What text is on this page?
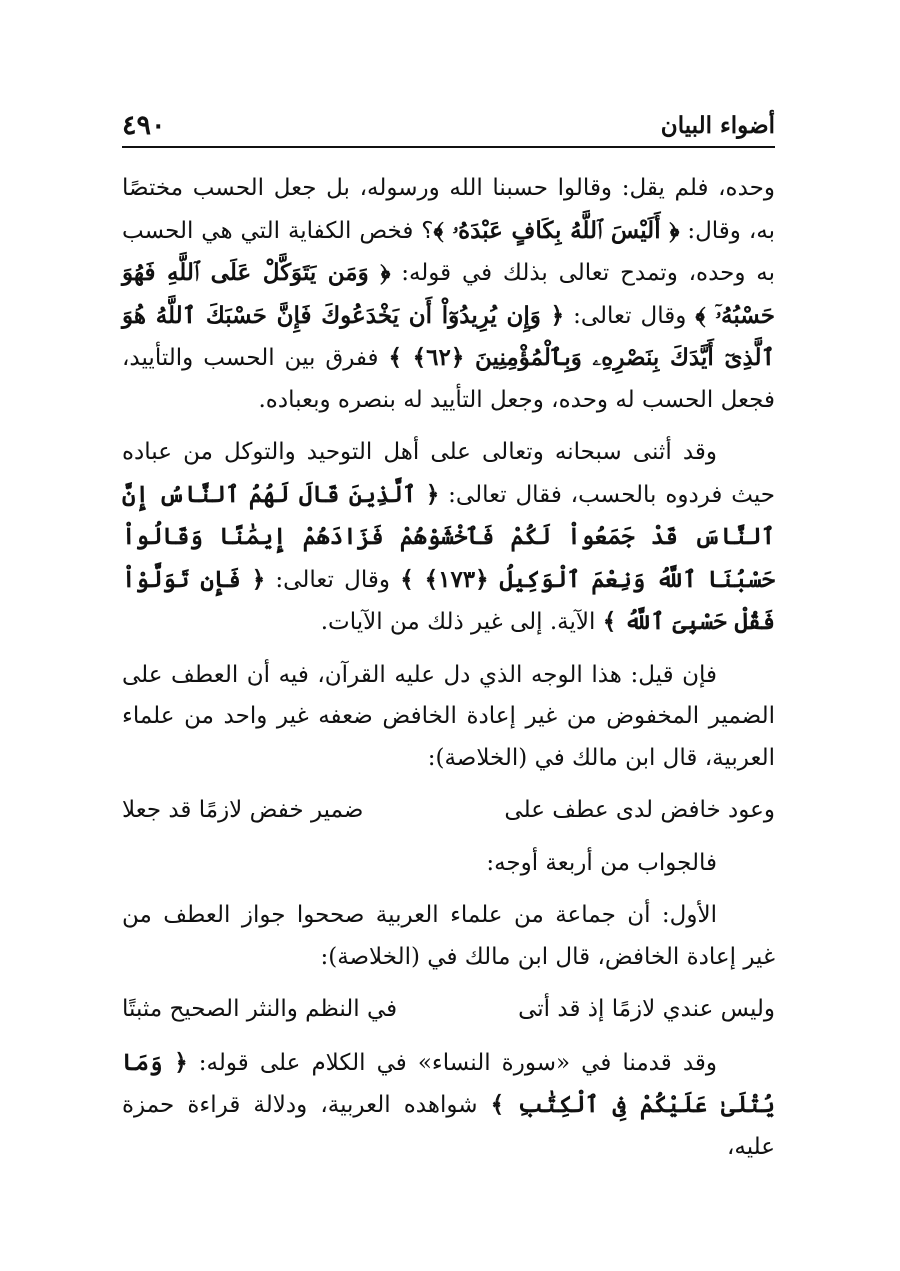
٤٩٠	أضواء البيان

وحده، فلم يقل: وقالوا حسبنا الله ورسوله، بل جعل الحسب مختصًا به، وقال: ﴿ أَلَيْسَ ٱللَّهُ بِكَافٍ عَبْدَهُۥ ﴾؟ فخص الكفاية التي هي الحسب به وحده، وتمدح تعالى بذلك في قوله: ﴿ وَمَن يَتَوَكَّلْ عَلَى ٱللَّهِ فَهُوَ حَسْبُهُۥٓ ﴾ وقال تعالى: ﴿ وَإِن يُرِيدُوٓاْ أَن يَخْدَعُوكَ فَإِنَّ حَسْبَكَ ٱللَّهُ هُوَ ٱلَّذِىٓ أَيَّدَكَ بِنَصْرِهِۦ وَبِٱلْمُؤْمِنِينَ ﴿٦٢﴾ ﴾ ففرق بين الحسب والتأييد، فجعل الحسب له وحده، وجعل التأييد له بنصره وبعباده.

وقد أثنى سبحانه وتعالى على أهل التوحيد والتوكل من عباده حيث فردوه بالحسب، فقال تعالى: ﴿ ٱلَّذِينَ قَالَ لَهُمُ ٱلنَّاسُ إِنَّ ٱلنَّاسَ قَدْ جَمَعُواْ لَكُمْ فَٱخْشَوْهُمْ فَزَادَهُمْ إِيمَٰنًا وَقَالُواْ حَسْبُنَا ٱللَّهُ وَنِعْمَ ٱلْوَكِيلُ ﴿١٧٣﴾ ﴾ وقال تعالى: ﴿ فَإِن تَوَلَّوْاْ فَقُلْ حَسْبِىَ ٱللَّهُ ﴾ الآية. إلى غير ذلك من الآيات.

فإن قيل: هذا الوجه الذي دل عليه القرآن، فيه أن العطف على الضمير المخفوض من غير إعادة الخافض ضعفه غير واحد من علماء العربية، قال ابن مالك في (الخلاصة):

وعود خافض لدى عطف على
ضمير خفض لازمًا قد جعلا

فالجواب من أربعة أوجه:

الأول: أن جماعة من علماء العربية صححوا جواز العطف من غير إعادة الخافض، قال ابن مالك في (الخلاصة):

وليس عندي لازمًا إذ قد أتى
في النظم والنثر الصحيح مثبتًا

وقد قدمنا في «سورة النساء» في الكلام على قوله: ﴿ وَمَا يُتْلَىٰ عَلَيْكُمْ فِى ٱلْكِتَٰبِ ﴾ شواهده العربية، ودلالة قراءة حمزة عليه،
